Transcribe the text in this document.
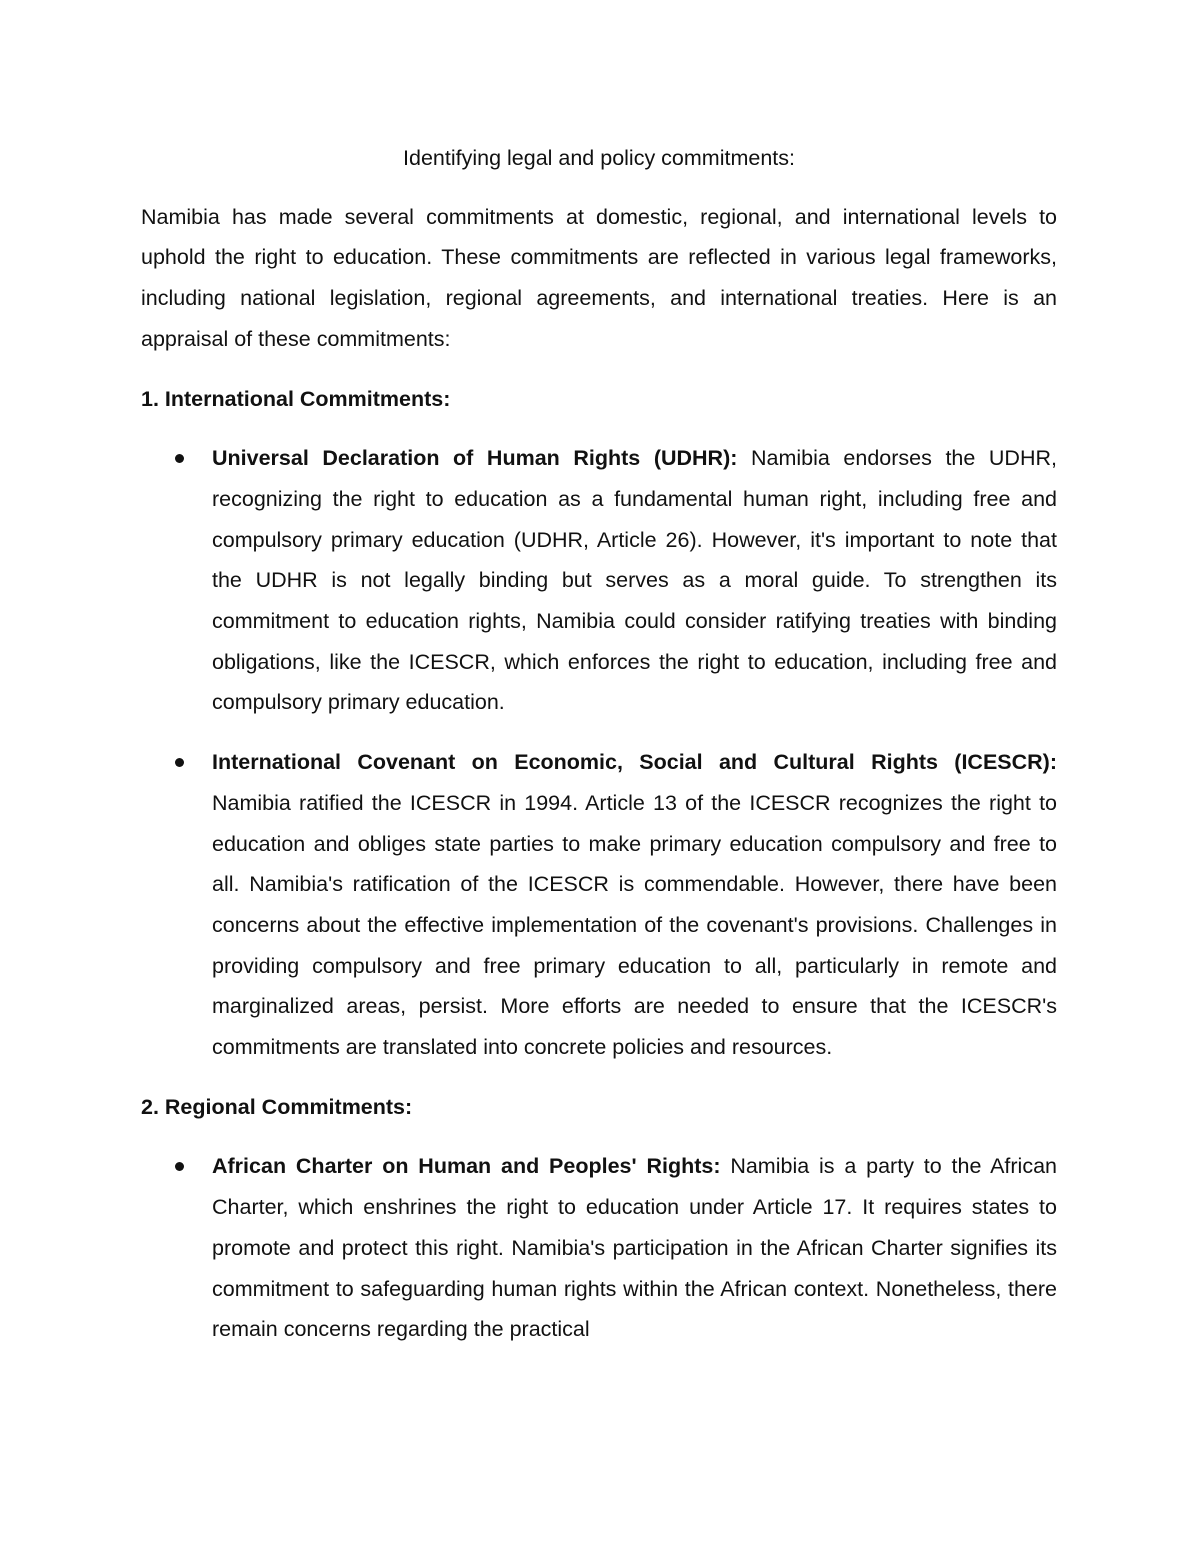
Identifying legal and policy commitments:

Namibia has made several commitments at domestic, regional, and international levels to uphold the right to education. These commitments are reflected in various legal frameworks, including national legislation, regional agreements, and international treaties. Here is an appraisal of these commitments:

1. International Commitments:

Universal Declaration of Human Rights (UDHR): Namibia endorses the UDHR, recognizing the right to education as a fundamental human right, including free and compulsory primary education (UDHR, Article 26). However, it's important to note that the UDHR is not legally binding but serves as a moral guide. To strengthen its commitment to education rights, Namibia could consider ratifying treaties with binding obligations, like the ICESCR, which enforces the right to education, including free and compulsory primary education.
International Covenant on Economic, Social and Cultural Rights (ICESCR): Namibia ratified the ICESCR in 1994. Article 13 of the ICESCR recognizes the right to education and obliges state parties to make primary education compulsory and free to all. Namibia's ratification of the ICESCR is commendable. However, there have been concerns about the effective implementation of the covenant's provisions. Challenges in providing compulsory and free primary education to all, particularly in remote and marginalized areas, persist. More efforts are needed to ensure that the ICESCR's commitments are translated into concrete policies and resources.

2. Regional Commitments:

African Charter on Human and Peoples' Rights: Namibia is a party to the African Charter, which enshrines the right to education under Article 17. It requires states to promote and protect this right. Namibia's participation in the African Charter signifies its commitment to safeguarding human rights within the African context. Nonetheless, there remain concerns regarding the practical
